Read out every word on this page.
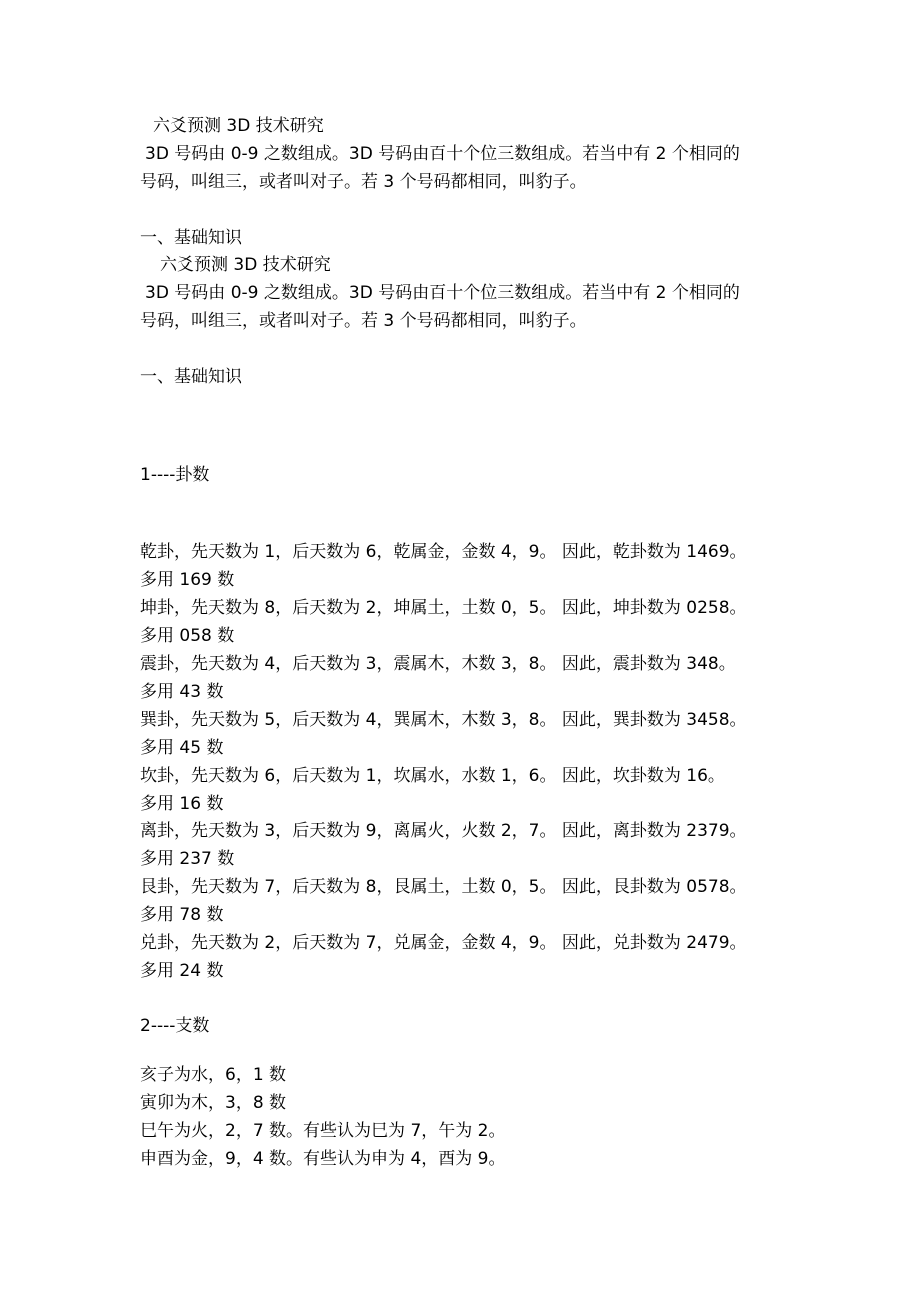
六爻预测 3D 技术研究
3D 号码由 0-9 之数组成。3D 号码由百十个位三数组成。若当中有 2 个相同的
号码，叫组三，或者叫对子。若 3 个号码都相同，叫豹子。
一、基础知识
六爻预测 3D 技术研究
3D 号码由 0-9 之数组成。3D 号码由百十个位三数组成。若当中有 2 个相同的
号码，叫组三，或者叫对子。若 3 个号码都相同，叫豹子。
一、基础知识
1----卦数
乾卦，先天数为 1，后天数为 6，乾属金，金数 4，9。 因此，乾卦数为 1469。
多用 169 数
坤卦，先天数为 8，后天数为 2，坤属土，土数 0，5。 因此，坤卦数为 0258。
多用 058 数
震卦，先天数为 4，后天数为 3，震属木，木数 3，8。 因此，震卦数为 348。
多用 43 数
巽卦，先天数为 5，后天数为 4，巽属木，木数 3，8。 因此，巽卦数为 3458。
多用 45 数
坎卦，先天数为 6，后天数为 1，坎属水，水数 1，6。 因此，坎卦数为 16。
多用 16 数
离卦，先天数为 3，后天数为 9，离属火，火数 2，7。 因此，离卦数为 2379。
多用 237 数
艮卦，先天数为 7，后天数为 8，艮属土，土数 0，5。 因此，艮卦数为 0578。
多用 78 数
兑卦，先天数为 2，后天数为 7，兑属金，金数 4，9。 因此，兑卦数为 2479。
多用 24 数
2----支数
亥子为水，6，1 数
寅卯为木，3，8 数
巳午为火，2，7 数。有些认为巳为 7，午为 2。
申酉为金，9，4 数。有些认为申为 4，酉为 9。
